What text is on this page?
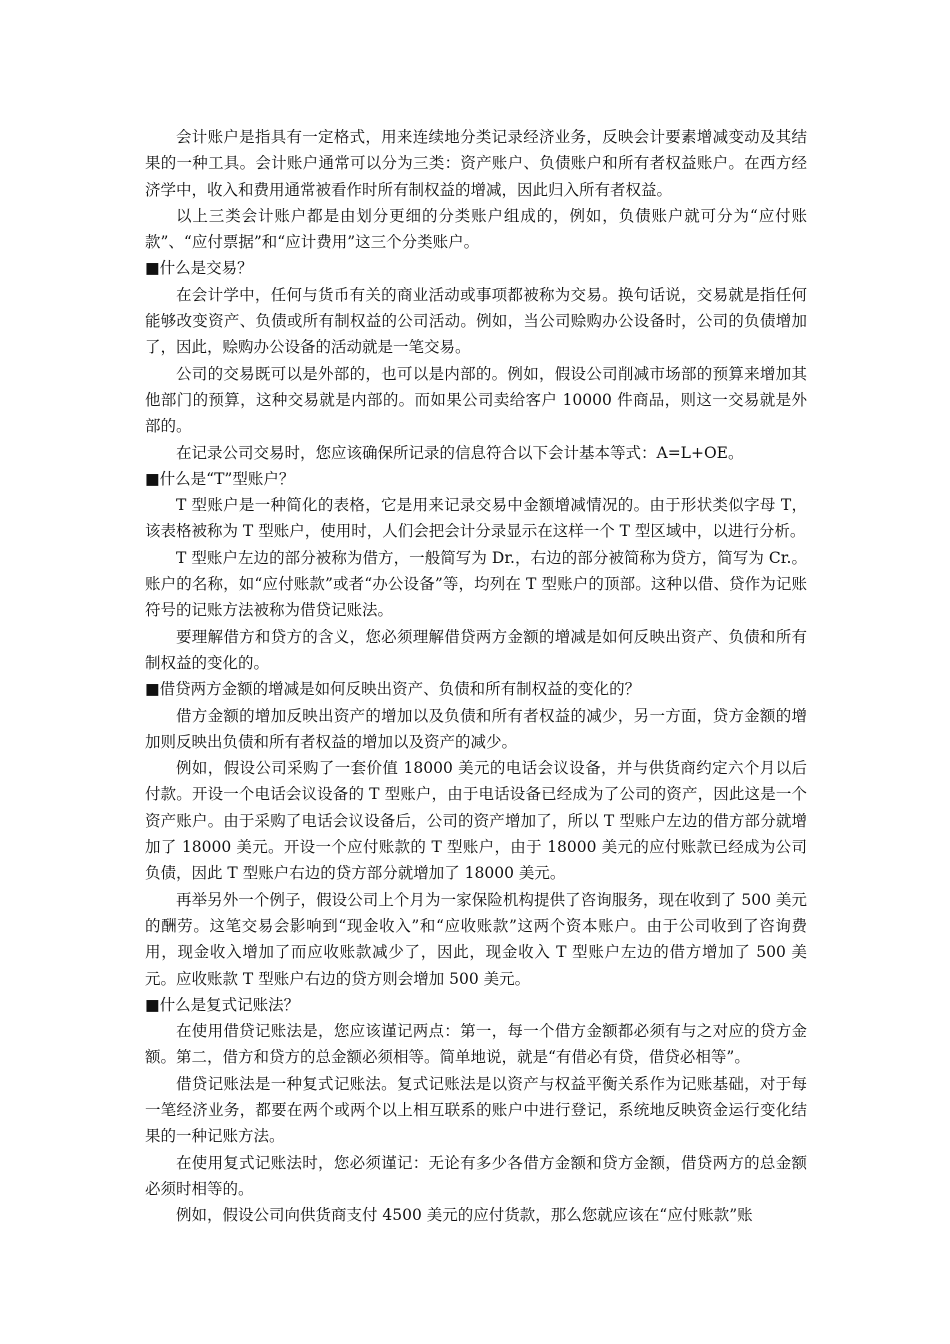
会计账户是指具有一定格式，用来连续地分类记录经济业务，反映会计要素增减变动及其结果的一种工具。会计账户通常可以分为三类：资产账户、负债账户和所有者权益账户。在西方经济学中，收入和费用通常被看作时所有制权益的增减，因此归入所有者权益。

以上三类会计账户都是由划分更细的分类账户组成的，例如，负债账户就可分为“应付账款”、“应付票据”和“应计费用”这三个分类账户。

■什么是交易？

在会计学中，任何与货币有关的商业活动或事项都被称为交易。换句话说，交易就是指任何能够改变资产、负债或所有制权益的公司活动。例如，当公司赊购办公设备时，公司的负债增加了，因此，赊购办公设备的活动就是一笔交易。

公司的交易既可以是外部的，也可以是内部的。例如，假设公司削减市场部的预算来增加其他部门的预算，这种交易就是内部的。而如果公司卖给客户 10000 件商品，则这一交易就是外部的。

在记录公司交易时，您应该确保所记录的信息符合以下会计基本等式：A=L+OE。

■什么是“T”型账户？

T 型账户是一种简化的表格，它是用来记录交易中金额增减情况的。由于形状类似字母 T，该表格被称为 T 型账户，使用时，人们会把会计分录显示在这样一个 T 型区域中，以进行分析。

T 型账户左边的部分被称为借方，一般简写为 Dr.，右边的部分被简称为贷方，简写为 Cr.。账户的名称，如“应付账款”或者“办公设备”等，均列在 T 型账户的顶部。这种以借、贷作为记账符号的记账方法被称为借贷记账法。

要理解借方和贷方的含义，您必须理解借贷两方金额的增减是如何反映出资产、负债和所有制权益的变化的。

■借贷两方金额的增减是如何反映出资产、负债和所有制权益的变化的？

借方金额的增加反映出资产的增加以及负债和所有者权益的减少，另一方面，贷方金额的增加则反映出负债和所有者权益的增加以及资产的减少。

例如，假设公司采购了一套价值 18000 美元的电话会议设备，并与供货商约定六个月以后付款。开设一个电话会议设备的 T 型账户，由于电话设备已经成为了公司的资产，因此这是一个资产账户。由于采购了电话会议设备后，公司的资产增加了，所以 T 型账户左边的借方部分就增加了 18000 美元。开设一个应付账款的 T 型账户，由于 18000 美元的应付账款已经成为公司负债，因此 T 型账户右边的贷方部分就增加了 18000 美元。

再举另外一个例子，假设公司上个月为一家保险机构提供了咨询服务，现在收到了 500 美元的酬劳。这笔交易会影响到“现金收入”和“应收账款”这两个资本账户。由于公司收到了咨询费用，现金收入增加了而应收账款减少了，因此，现金收入 T 型账户左边的借方增加了 500 美元。应收账款 T 型账户右边的贷方则会增加 500 美元。

■什么是复式记账法？

在使用借贷记账法是，您应该谨记两点：第一，每一个借方金额都必须有与之对应的贷方金额。第二，借方和贷方的总金额必须相等。简单地说，就是“有借必有贷，借贷必相等”。

借贷记账法是一种复式记账法。复式记账法是以资产与权益平衡关系作为记账基础，对于每一笔经济业务，都要在两个或两个以上相互联系的账户中进行登记，系统地反映资金运行变化结果的一种记账方法。

在使用复式记账法时，您必须谨记：无论有多少各借方金额和贷方金额，借贷两方的总金额必须时相等的。

例如，假设公司向供货商支付 4500 美元的应付货款，那么您就应该在“应付账款”账
